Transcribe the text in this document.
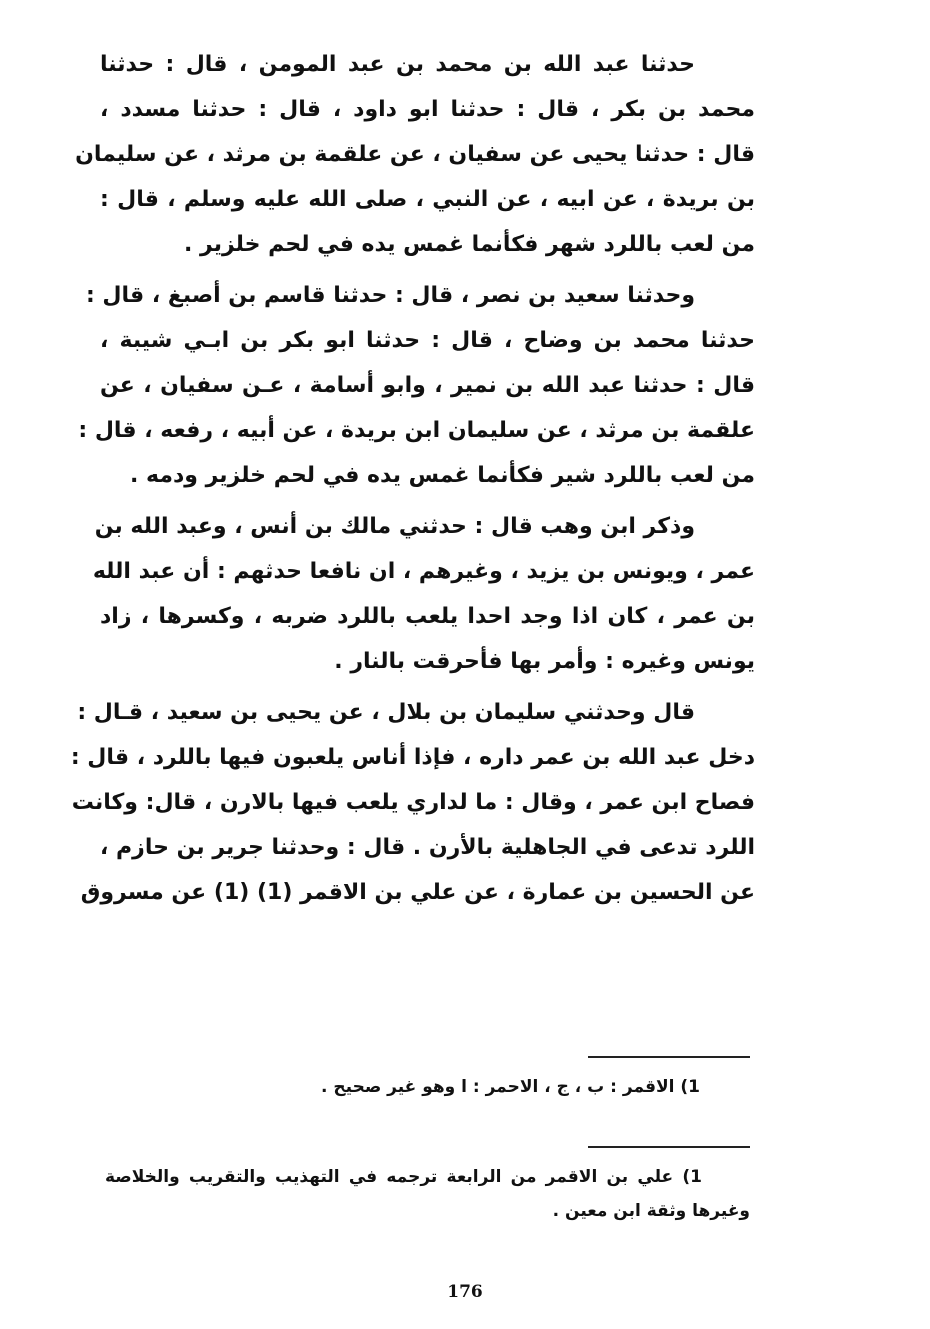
حدثنا عبد الله بن محمد بن عبد المومن ، قال : حدثنا
محمد بن بكر ، قال : حدثنا ابو داود ، قال : حدثنا مسدد ،
قال : حدثنا يحيى عن سفيان ، عن علقمة بن مرثد ، عن سليمان
بن بريدة ، عن ابيه ، عن النبي ، صلى الله عليه وسلم ، قال :
من لعب باللرد شهر فكأنما غمس يده في لحم خلزير .
وحدثنا سعيد بن نصر ، قال : حدثنا قاسم بن أصبغ ، قال :
حدثنا محمد بن وضاح ، قال : حدثنا ابو بكر بن ابـي شيبة ،
قال : حدثنا عبد الله بن نمير ، وابو أسامة ، عـن سفيان ، عن
علقمة بن مرثد ، عن سليمان ابن بريدة ، عن أبيه ، رفعه ، قال :
من لعب باللرد شير فكأنما غمس يده في لحم خلزير ودمه .
وذكر ابن وهب قال : حدثني مالك بن أنس ، وعبد الله بن
عمر ، ويونس بن يزيد ، وغيرهم ، ان نافعا حدثهم : أن عبد الله
بن عمر ، كان اذا وجد احدا يلعب باللرد ضربه ، وكسرها ، زاد
يونس وغيره : وأمر بها فأحرقت بالنار .
قال وحدثني سليمان بن بلال ، عن يحيى بن سعيد ، قـال :
دخل عبد الله بن عمر داره ، فإذا أناس يلعبون فيها باللرد ، قال :
فصاح ابن عمر ، وقال : ما لداري يلعب فيها بالارن ، قال: وكانت
اللرد تدعى في الجاهلية بالأرن . قال : وحدثنا جرير بن حازم ،
عن الحسين بن عمارة ، عن علي بن الاقمر (1) (1) عن مسروق
1) الاقمر : ب ، ج ، الاحمر : ا وهو غير صحيح .
1) علي بن الاقمر من الرابعة ترجمه في التهذيب والتقريب والخلاصة
وغيرها وثقة ابن معين .
176
